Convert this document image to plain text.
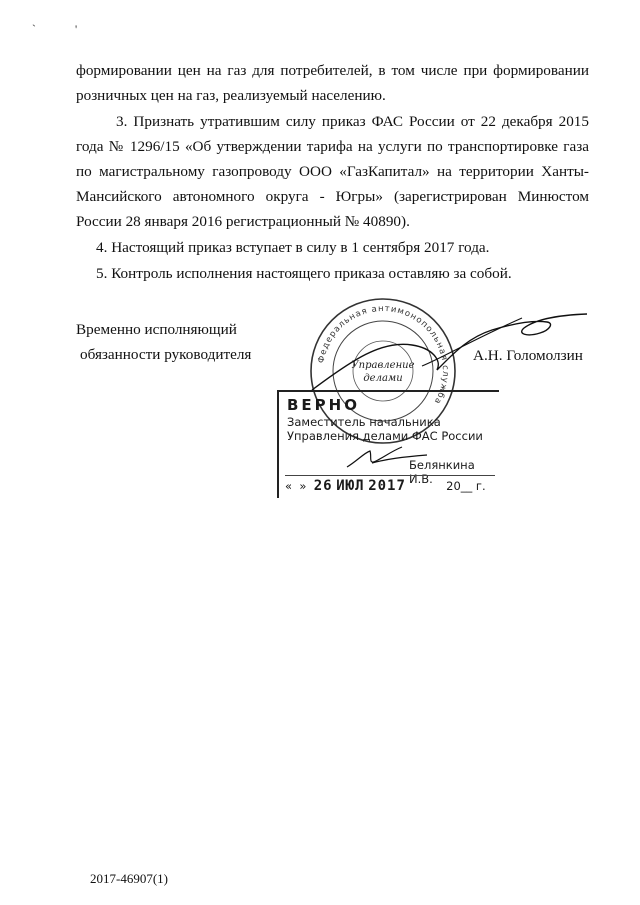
` '
формировании цен на газ для потребителей, в том числе при формировании розничных цен на газ, реализуемый населению.
3. Признать утратившим силу приказ ФАС России от 22 декабря 2015 года № 1296/15 «Об утверждении тарифа на услуги по транспортировке газа по магистральному газопроводу ООО «ГазКапитал» на территории Ханты-Мансийского автономного округа - Югры» (зарегистрирован Минюстом России 28 января 2016 регистрационный № 40890).
4. Настоящий приказ вступает в силу в 1 сентября 2017 года.
5. Контроль исполнения настоящего приказа оставляю за собой.
Временно исполняющий
обязанности руководителя	Федеральная антимонопольная служба
Управление
делами
А.Н. Голомолзин
ВЕРНО
Заместитель начальника
Управления делами ФАС России
Белянкина И.В.
«  »  26 ИЮЛ 2017	20__ г.
2017-46907(1)
